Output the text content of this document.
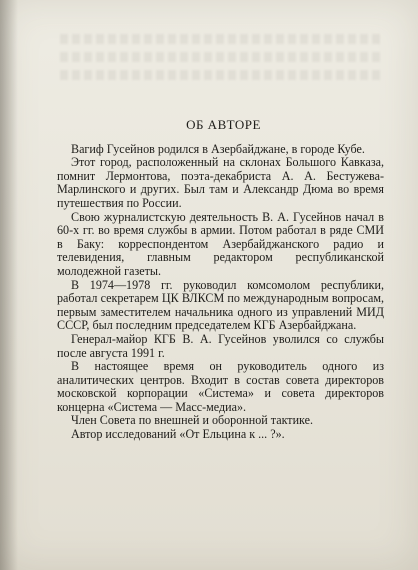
ОБ АВТОРЕ

Вагиф Гусейнов родился в Азербайджане, в городе Кубе.

Этот город, расположенный на склонах Большого Кавказа, помнит Лермонтова, поэта-декабриста А. А. Бестужева-Марлинского и других. Был там и Александр Дюма во время путешествия по России.

Свою журналистскую деятельность В. А. Гусейнов начал в 60-х гг. во время службы в армии. Потом работал в ряде СМИ в Баку: корреспондентом Азербайджанского радио и телевидения, главным редактором республиканской молодежной газеты.

В 1974—1978 гг. руководил комсомолом республики, работал секретарем ЦК ВЛКСМ по международным вопросам, первым заместителем начальника одного из управлений МИД СССР, был последним председателем КГБ Азербайджана.

Генерал-майор КГБ В. А. Гусейнов уволился со службы после августа 1991 г.

В настоящее время он руководитель одного из аналитических центров. Входит в состав совета директоров московской корпорации «Система» и совета директоров концерна «Система — Масс-медиа».

Член Совета по внешней и оборонной тактике.

Автор исследований «От Ельцина к ... ?».
